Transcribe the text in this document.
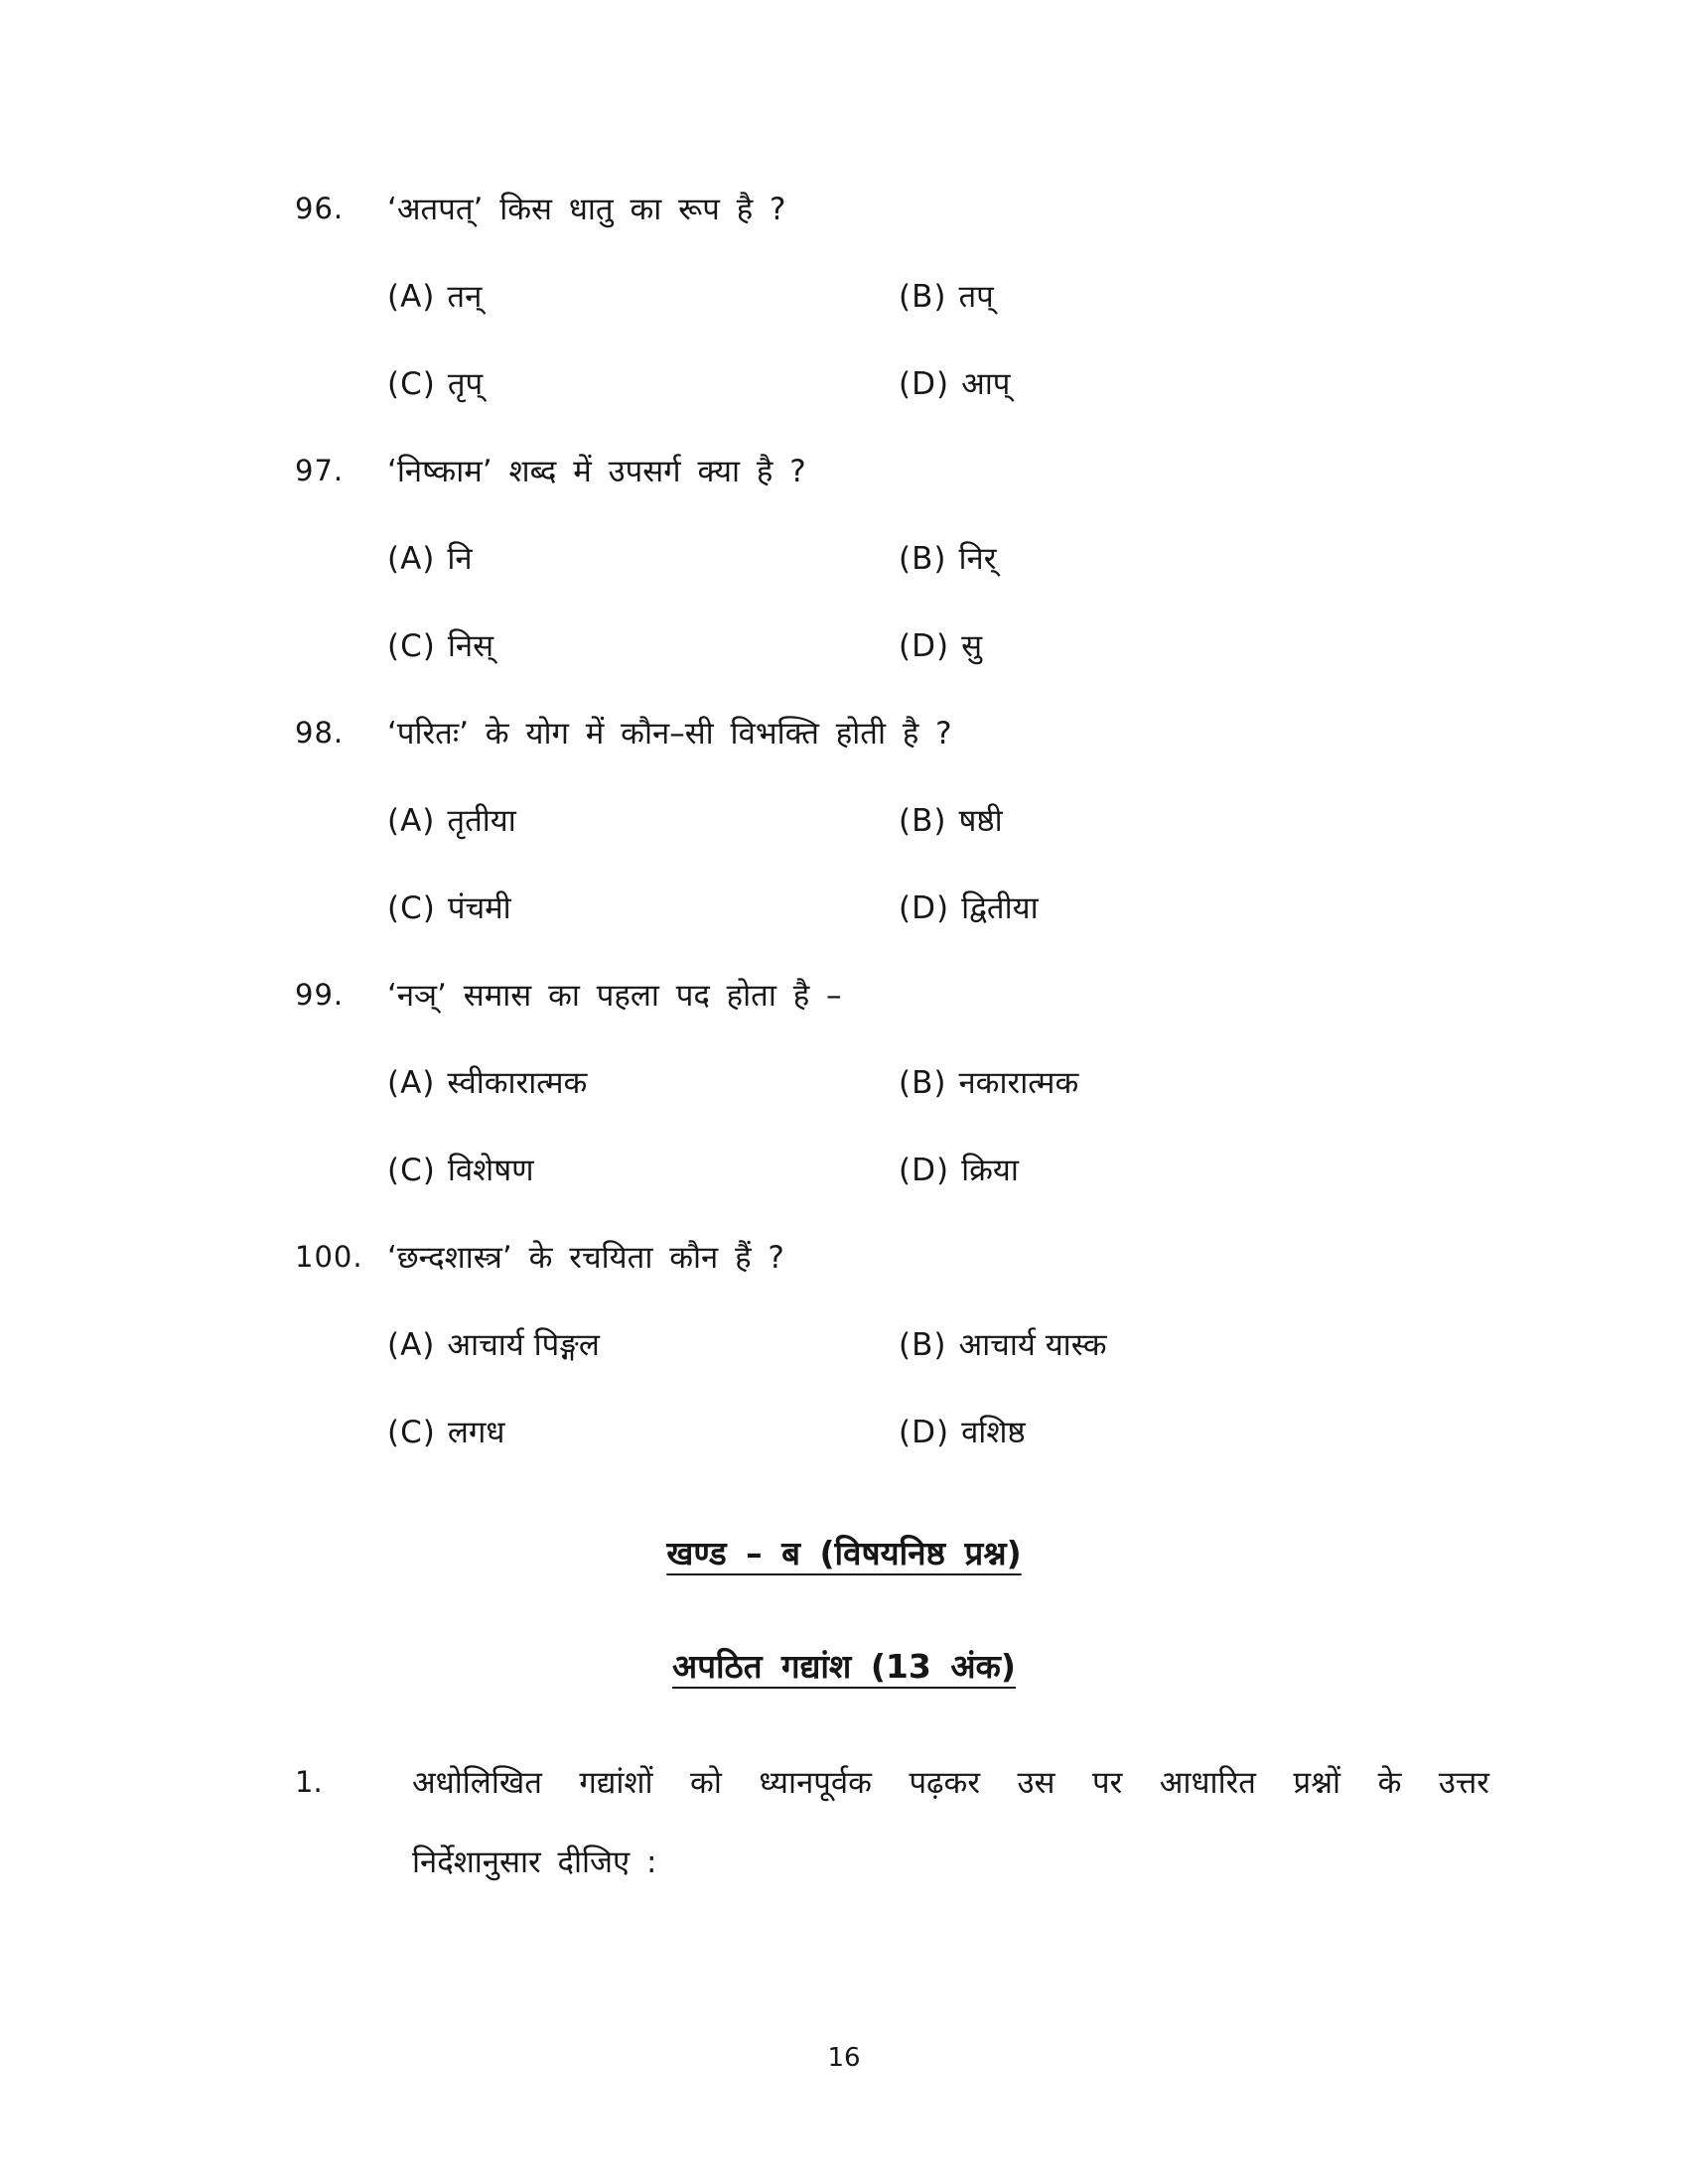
96.	‘अतपत्’ किस धातु का रूप है ?
(A) तन्	(B) तप्
(C) तृप्	(D) आप्
97.	‘निष्काम’ शब्द में उपसर्ग क्या है ?
(A) नि	(B) निर्
(C) निस्	(D) सु
98.	‘परितः’ के योग में कौन–सी विभक्ति होती है ?
(A) तृतीया	(B) षष्ठी
(C) पंचमी	(D) द्वितीया
99.	‘नञ्’ समास का पहला पद होता है –
(A) स्वीकारात्मक	(B) नकारात्मक
(C) विशेषण	(D) क्रिया
100. ‘छन्दशास्त्र’ के रचयिता कौन हैं ?
(A) आचार्य पिङ्गल	(B) आचार्य यास्क
(C) लगध	(D) वशिष्ठ
खण्ड – ब (विषयनिष्ठ प्रश्न)
अपठित गद्यांश (13 अंक)
1.	अधोलिखित गद्यांशों को ध्यानपूर्वक पढ़कर उस पर आधारित प्रश्नों के उत्तर
निर्देशानुसार दीजिए :
16
